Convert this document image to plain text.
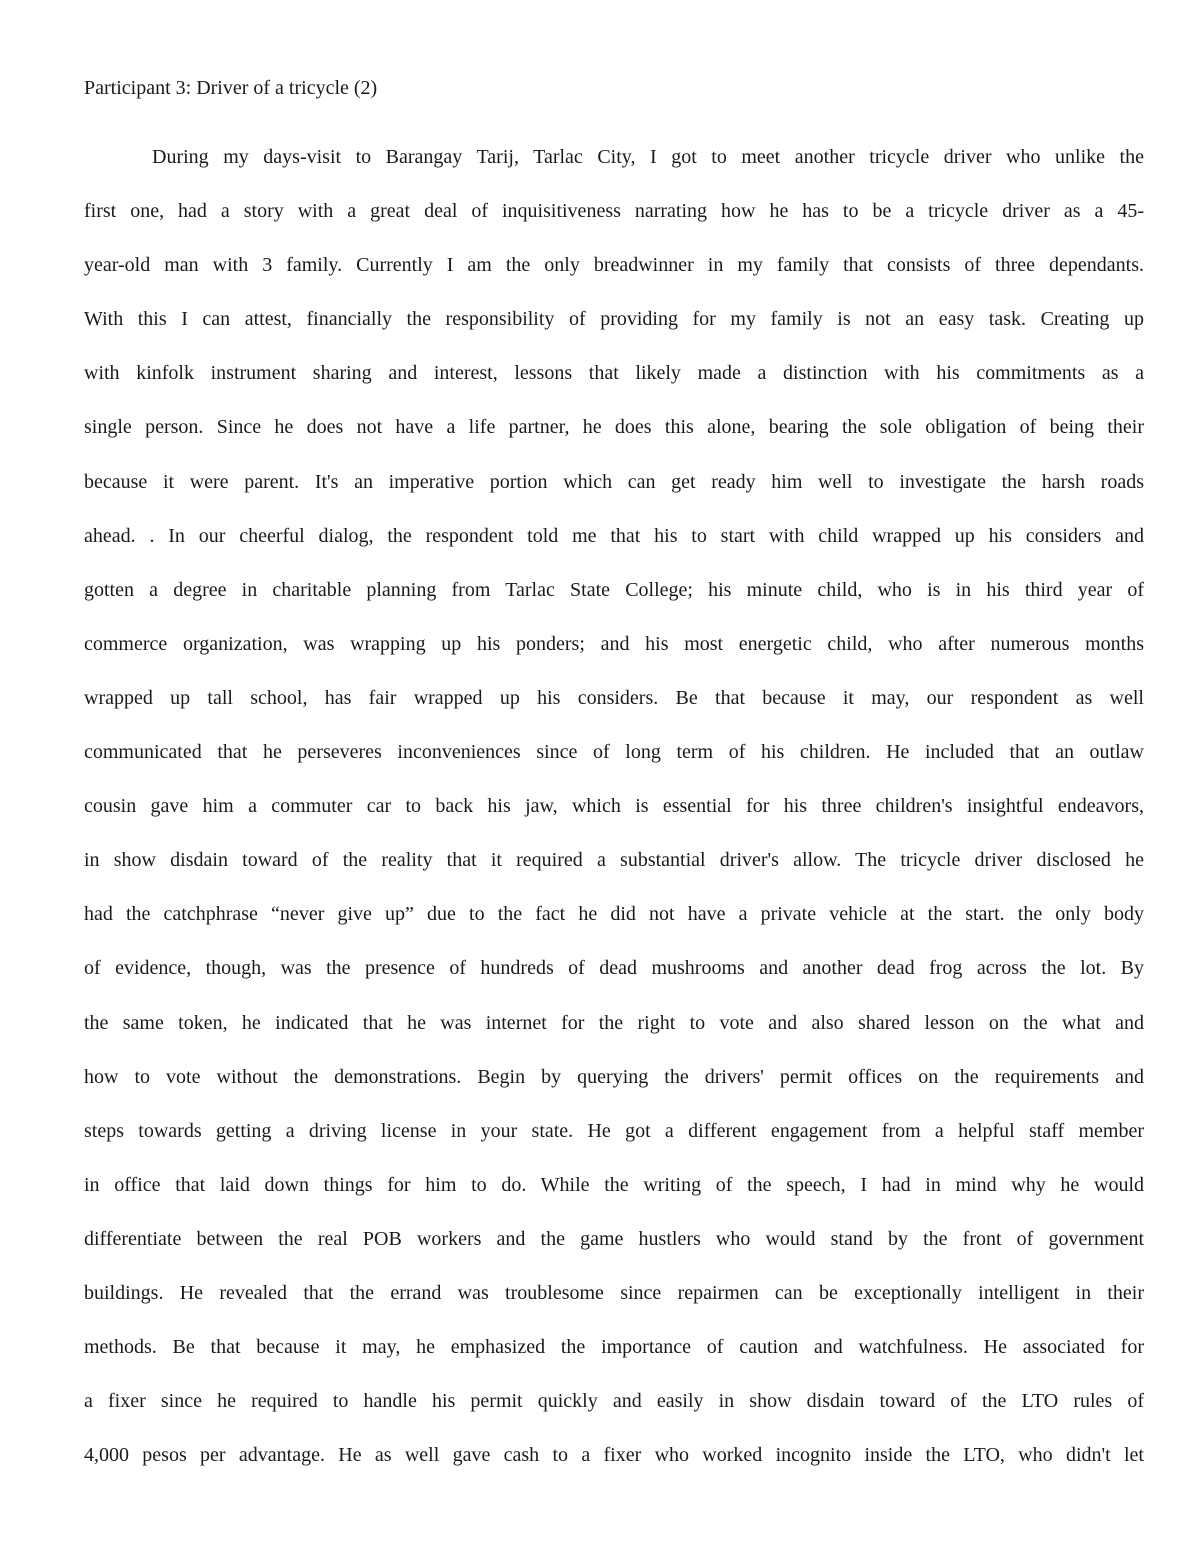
Participant 3: Driver of a tricycle (2)
During my days-visit to Barangay Tarij, Tarlac City, I got to meet another tricycle driver who unlike the
first one, had a story with a great deal of inquisitiveness narrating how he has to be a tricycle driver as a 45-
year-old man with 3 family. Currently I am the only breadwinner in my family that consists of three dependants.
With this I can attest, financially the responsibility of providing for my family is not an easy task. Creating up
with kinfolk instrument sharing and interest, lessons that likely made a distinction with his commitments as a
single person. Since he does not have a life partner, he does this alone, bearing the sole obligation of being their
because it were parent. It's an imperative portion which can get ready him well to investigate the harsh roads
ahead. . In our cheerful dialog, the respondent told me that his to start with child wrapped up his considers and
gotten a degree in charitable planning from Tarlac State College; his minute child, who is in his third year of
commerce organization, was wrapping up his ponders; and his most energetic child, who after numerous months
wrapped up tall school, has fair wrapped up his considers. Be that because it may, our respondent as well
communicated that he perseveres inconveniences since of long term of his children. He included that an outlaw
cousin gave him a commuter car to back his jaw, which is essential for his three children's insightful endeavors,
in show disdain toward of the reality that it required a substantial driver's allow. The tricycle driver disclosed he
had the catchphrase “never give up” due to the fact he did not have a private vehicle at the start. the only body
of evidence, though, was the presence of hundreds of dead mushrooms and another dead frog across the lot. By
the same token, he indicated that he was internet for the right to vote and also shared lesson on the what and
how to vote without the demonstrations. Begin by querying the drivers' permit offices on the requirements and
steps towards getting a driving license in your state. He got a different engagement from a helpful staff member
in office that laid down things for him to do. While the writing of the speech, I had in mind why he would
differentiate between the real POB workers and the game hustlers who would stand by the front of government
buildings. He revealed that the errand was troublesome since repairmen can be exceptionally intelligent in their
methods. Be that because it may, he emphasized the importance of caution and watchfulness. He associated for
a fixer since he required to handle his permit quickly and easily in show disdain toward of the LTO rules of
4,000 pesos per advantage. He as well gave cash to a fixer who worked incognito inside the LTO, who didn't let
